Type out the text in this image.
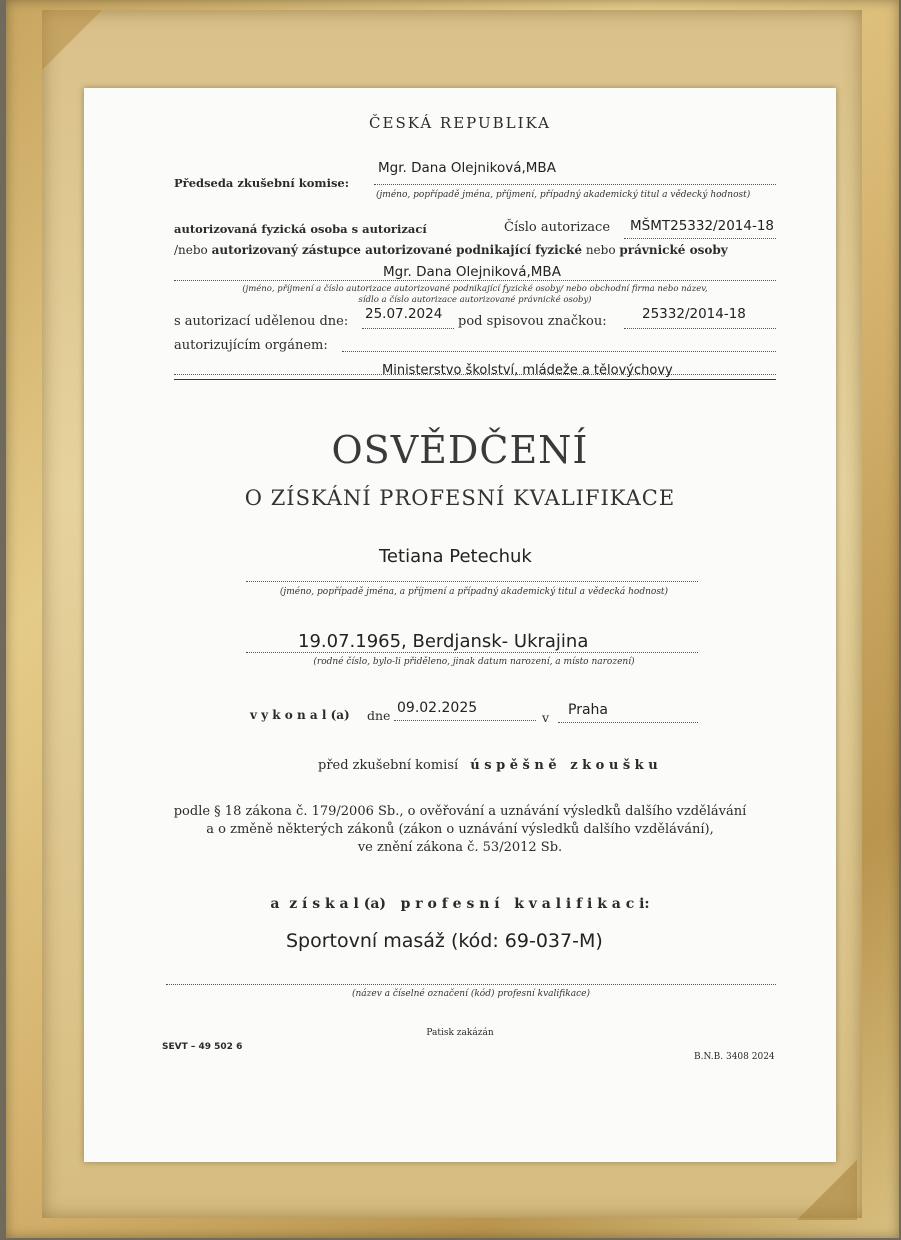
ČESKÁ REPUBLIKA
Předseda zkušební komise:
Mgr. Dana Olejniková,MBA
(jméno, popřípadě jména, příjmení, případný akademický titul a vědecký hodnost)
autorizovaná fyzická osoba s autorizací	Číslo autorizace MŠMT25332/2014-18
/nebo autorizovaný zástupce autorizované podnikající fyzické nebo právnické osoby
Mgr. Dana Olejniková,MBA
(jméno, příjmení a číslo autorizace autorizované podnikající fyzické osoby/ nebo obchodní firma nebo název,
sídlo a číslo autorizace autorizované právnické osoby)
s autorizací udělenou dne: 25.07.2024 pod spisovou značkou:	25332/2014-18
autorizujícím orgánem:
Ministerstvo školství, mládeže a tělovýchovy
OSVĚDČENÍ
O ZÍSKÁNÍ PROFESNÍ KVALIFIKACE
Tetiana Petechuk
(jméno, popřípadě jména, a příjmení a případný akademický titul a vědecká hodnost)
19.07.1965, Berdjansk- Ukrajina
(rodné číslo, bylo-li přiděleno, jinak datum narození, a místo narození)
v y k o n a l (a) dne 09.02.2025
v Praha
před zkušební komisí ú s p ě š n ě   z k o u š k u
podle § 18 zákona č. 179/2006 Sb., o ověřování a uznávání výsledků dalšího vzdělávání
a o změně některých zákonů (zákon o uznávání výsledků dalšího vzdělávání),
ve znění zákona č. 53/2012 Sb.
a  z í s k a l (a)   p r o f e s n í   k v a l i f i k a c i:
Sportovní masáž (kód: 69-037-M)
(název a číselné označení (kód) profesní kvalifikace)
Patisk zakázán
SEVT – 49 502 6
B.N.B. 3408 2024
